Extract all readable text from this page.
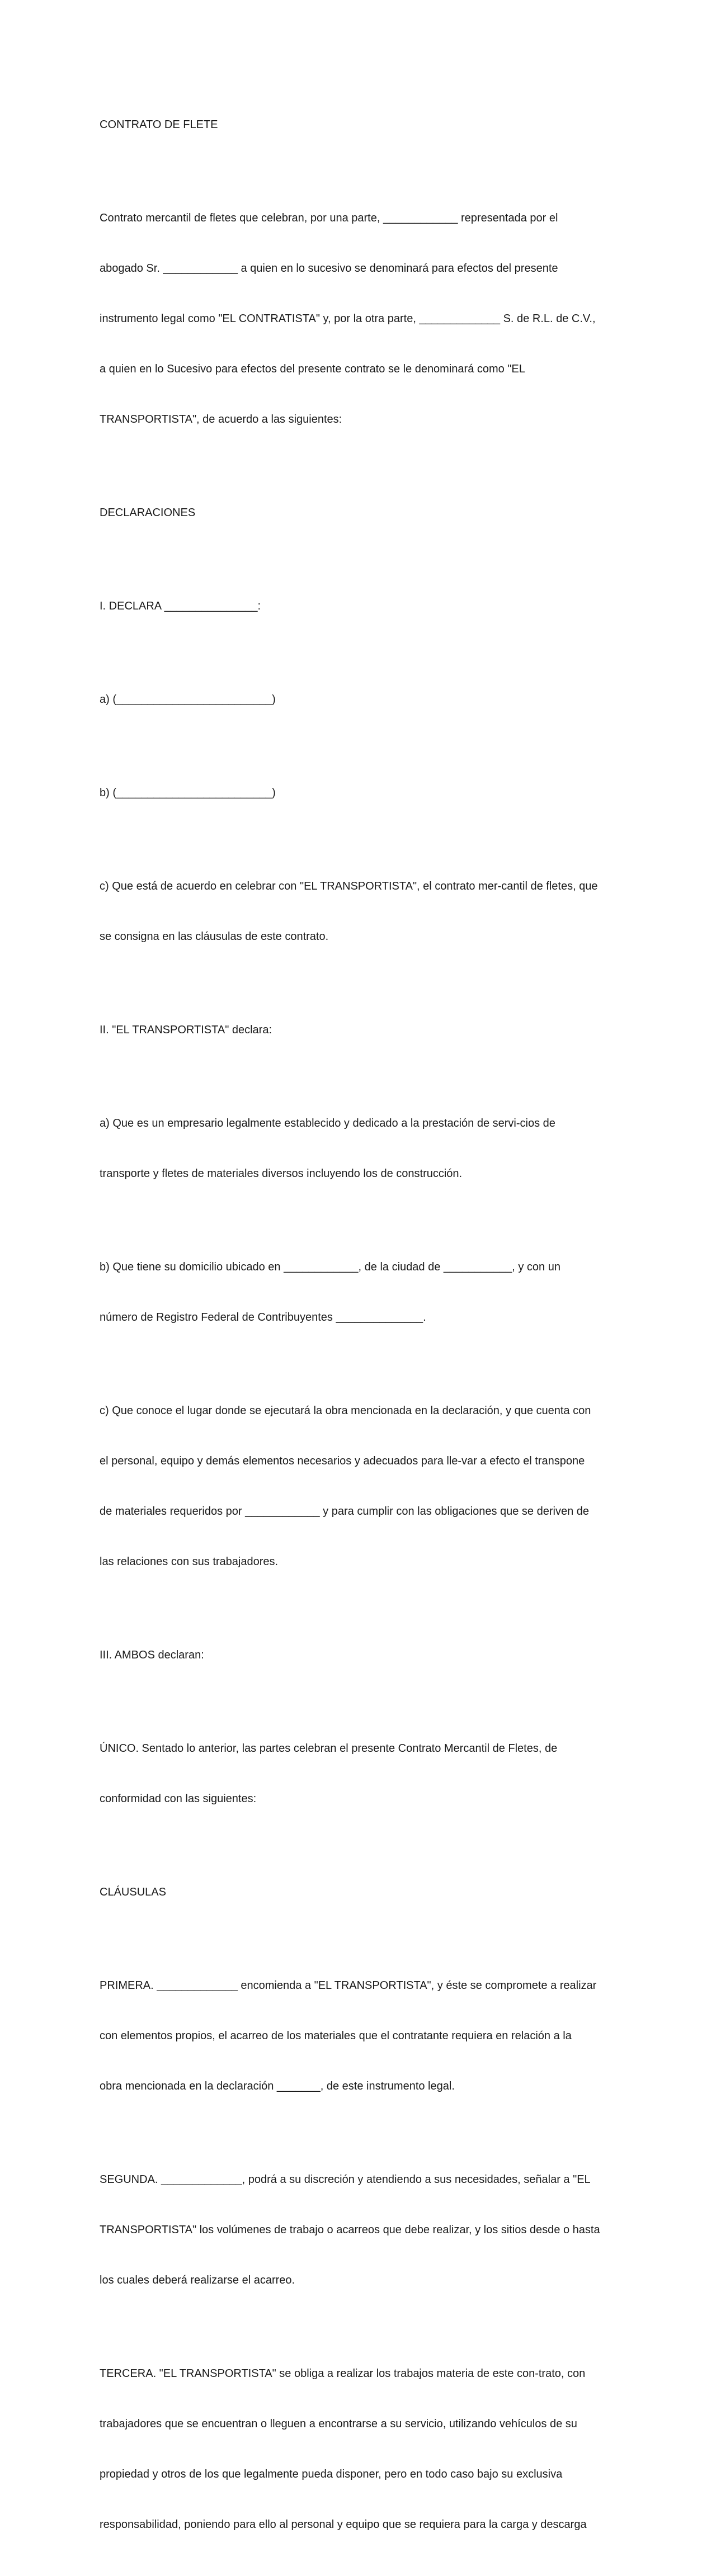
CONTRATO DE FLETE

Contrato mercantil de fletes que celebran, por una parte, ____________ representada por el

abogado Sr. ____________ a quien en lo sucesivo se denominará para efectos del presente

instrumento legal como "EL CONTRATISTA" y, por la otra parte, _____________ S. de R.L. de C.V.,

a quien en lo Sucesivo para efectos del presente contrato se le denominará como "EL

TRANSPORTISTA", de acuerdo a las siguientes:

DECLARACIONES

I. DECLARA _______________:

a) (_________________________)

b) (_________________________)

c) Que está de acuerdo en celebrar con "EL TRANSPORTISTA", el contrato mer-cantil de fletes, que

se consigna en las cláusulas de este contrato.

II. "EL TRANSPORTISTA" declara:

a) Que es un empresario legalmente establecido y dedicado a la prestación de servi-cios de

transporte y fletes de materiales diversos incluyendo los de construcción.

b) Que tiene su domicilio ubicado en ____________, de la ciudad de ___________, y con un

número de Registro Federal de Contribuyentes ______________.

c) Que conoce el lugar donde se ejecutará la obra mencionada en la declaración, y que cuenta con

el personal, equipo y demás elementos necesarios y adecuados para lle-var a efecto el transpone

de materiales requeridos por ____________ y para cumplir con las obligaciones que se deriven de

las relaciones con sus trabajadores.

III. AMBOS declaran:

ÚNICO. Sentado lo anterior, las partes celebran el presente Contrato Mercantil de Fletes, de

conformidad con las siguientes:

CLÁUSULAS

PRIMERA. _____________ encomienda a "EL TRANSPORTISTA", y éste se compromete a realizar

con elementos propios, el acarreo de los materiales que el contratante requiera en relación a la

obra mencionada en la declaración _______, de este instrumento legal.

SEGUNDA. _____________, podrá a su discreción y atendiendo a sus necesidades, señalar a "EL

TRANSPORTISTA" los volúmenes de trabajo o acarreos que debe realizar, y los sitios desde o hasta

los cuales deberá realizarse el acarreo.

TERCERA. "EL TRANSPORTISTA" se obliga a realizar los trabajos materia de este con-trato, con

trabajadores que se encuentran o lleguen a encontrarse a su servicio, utilizando vehículos de su

propiedad y otros de los que legalmente pueda disponer, pero en todo caso bajo su exclusiva

responsabilidad, poniendo para ello al personal y equipo que se requiera para la carga y descarga
